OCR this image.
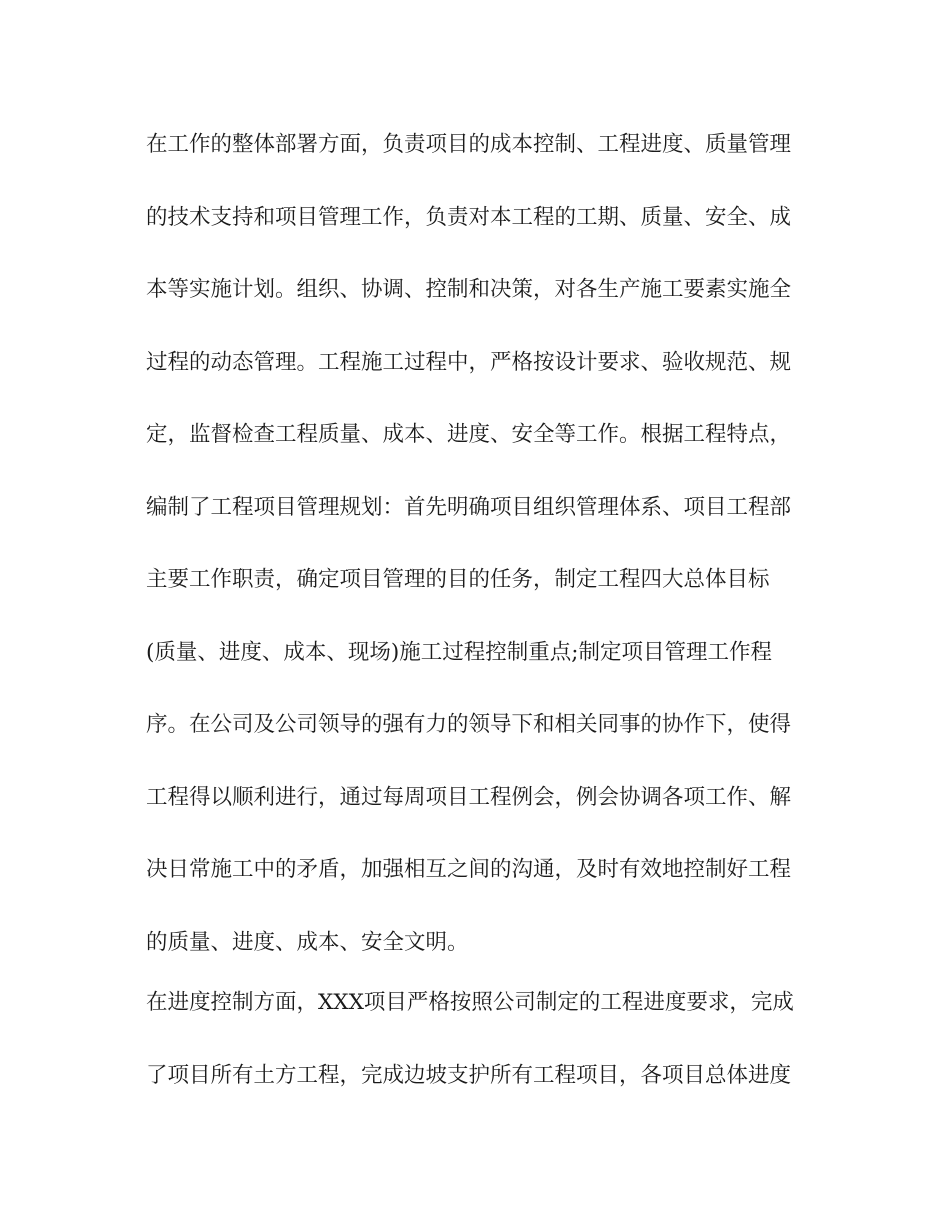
在工作的整体部署方面，负责项目的成本控制、工程进度、质量管理

的技术支持和项目管理工作，负责对本工程的工期、质量、安全、成

本等实施计划。组织、协调、控制和决策，对各生产施工要素实施全

过程的动态管理。工程施工过程中，严格按设计要求、验收规范、规

定，监督检查工程质量、成本、进度、安全等工作。根据工程特点，

编制了工程项目管理规划：首先明确项目组织管理体系、项目工程部

主要工作职责，确定项目管理的目的任务，制定工程四大总体目标

(质量、进度、成本、现场)施工过程控制重点;制定项目管理工作程

序。在公司及公司领导的强有力的领导下和相关同事的协作下，使得

工程得以顺利进行，通过每周项目工程例会，例会协调各项工作、解

决日常施工中的矛盾，加强相互之间的沟通，及时有效地控制好工程

的质量、进度、成本、安全文明。

在进度控制方面，XXX项目严格按照公司制定的工程进度要求，完成

了项目所有土方工程，完成边坡支护所有工程项目，各项目总体进度
